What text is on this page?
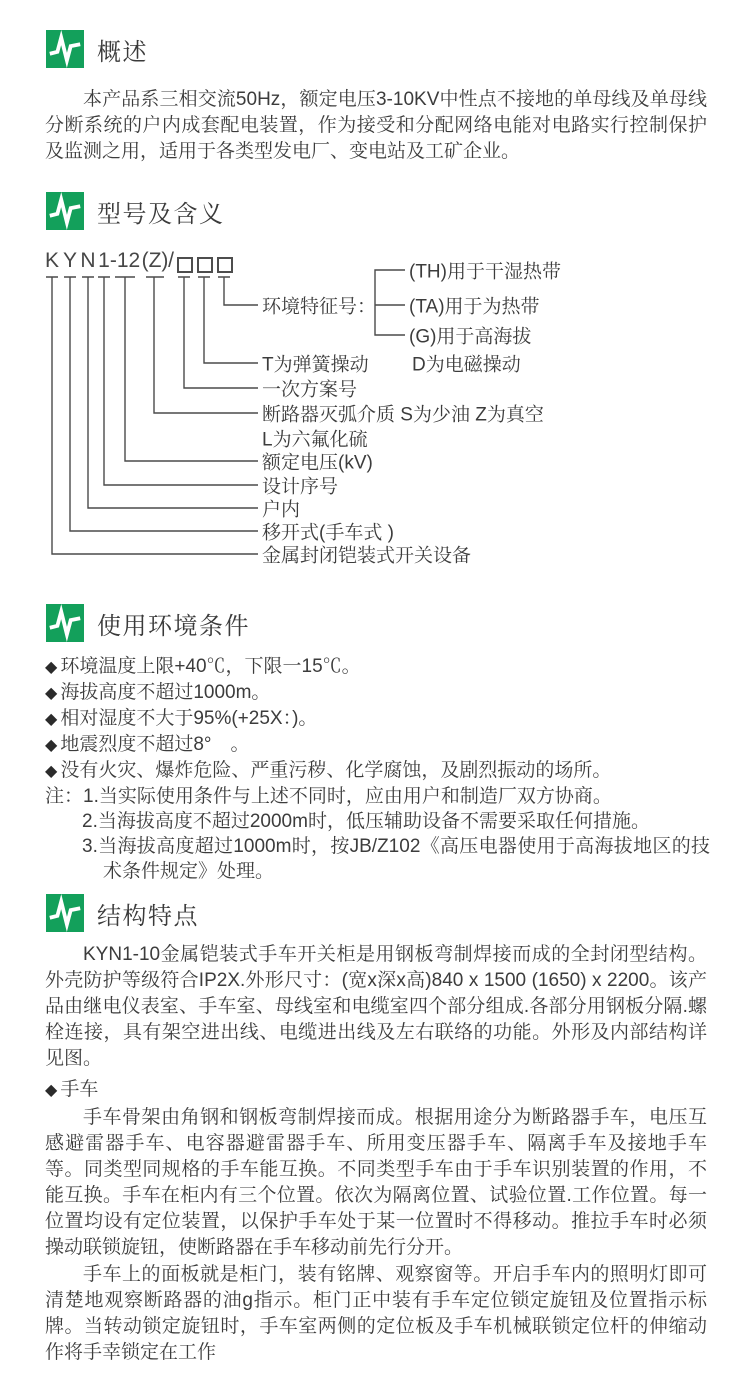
概述
本产品系三相交流50Hz，额定电压3-10KV中性点不接地的单母线及单母线分断系统的户内成套配电装置，作为接受和分配网络电能对电路实行控制保护及监测之用，适用于各类型发电厂、变电站及工矿企业。
型号及含义
K Y N 1 -12 (Z) /
环境特征号：
(TH)用于干湿热带
(TA)用于为热带
(G)用于高海拔
T为弹簧操动 D为电磁操动
一次方案号
断路器灭弧介质 S为少油 Z为真空
L为六氟化硫
额定电压(kV)
设计序号
户内
移开式(手车式 )
金属封闭铠装式开关设备
使用环境条件
◆ 环境温度上限+40℃，下限一15℃。
◆ 海拔高度不超过1000m。
◆ 相对湿度不大于95%(+25X：)。
◆ 地震烈度不超过8°　。
◆ 没有火灾、爆炸危险、严重污秽、化学腐蚀，及剧烈振动的场所。
注： 1.当实际使用条件与上述不同时，应由用户和制造厂双方协商。
2.当海拔高度不超过2000m时，低压辅助设备不需要采取任何措施。
3.当海拔高度超过1000m时，按JB/Z102《高压电器使用于高海拔地区的技术条件规定》处理。
结构特点
KYN1-10金属铠装式手车开关柜是用钢板弯制焊接而成的全封闭型结构。外壳防护等级符合IP2X.外形尺寸：(宽x深x高)840 x 1500 (1650) x 2200。该产品由继电仪表室、手车室、母线室和电缆室四个部分组成.各部分用钢板分隔.螺栓连接，具有架空进出线、电缆进出线及左右联络的功能。外形及内部结构详见图。
◆ 手车
手车骨架由角钢和钢板弯制焊接而成。根据用途分为断路器手车，电压互感避雷器手车、电容器避雷器手车、所用变压器手车、隔离手车及接地手车等。同类型同规格的手车能互换。不同类型手车由于手车识别装置的作用，不能互换。手车在柜内有三个位置。依次为隔离位置、试验位置.工作位置。每一位置均设有定位装置，以保护手车处于某一位置时不得移动。推拉手车时必须操动联锁旋钮，使断路器在手车移动前先行分开。
手车上的面板就是柜门，装有铭牌、观察窗等。开启手车内的照明灯即可清楚地观察断路器的油g指示。柜门正中装有手车定位锁定旋钮及位置指示标牌。当转动锁定旋钮时，手车室两侧的定位板及手车机械联锁定位杆的伸缩动作将手幸锁定在工作
